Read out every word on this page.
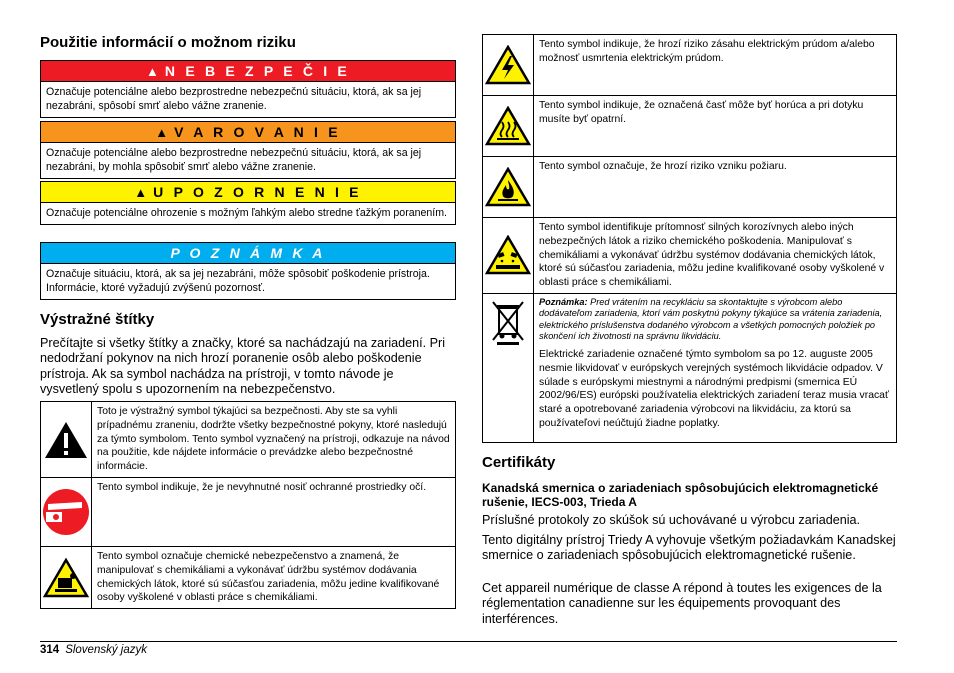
Použitie informácií o možnom riziku
▲ N E B E Z P E Č I E
Označuje potenciálne alebo bezprostredne nebezpečnú situáciu, ktorá, ak sa jej nezabráni, spôsobí smrť alebo vážne zranenie.
▲ V A R O V A N I E
Označuje potenciálne alebo bezprostredne nebezpečnú situáciu, ktorá, ak sa jej nezabráni, by mohla spôsobiť smrť alebo vážne zranenie.
▲ U P O Z O R N E N I E
Označuje potenciálne ohrozenie s možným ľahkým alebo stredne ťažkým poranením.
P O Z N Á M K A
Označuje situáciu, ktorá, ak sa jej nezabráni, môže spôsobiť poškodenie prístroja. Informácie, ktoré vyžadujú zvýšenú pozornosť.
Výstražné štítky

Prečítajte si všetky štítky a značky, ktoré sa nachádzajú na zariadení. Pri nedodržaní pokynov na nich hrozí poranenie osôb alebo poškodenie prístroja. Ak sa symbol nachádza na prístroji, v tomto návode je vysvetlený spolu s upozornením na nebezpečenstvo.

	Toto je výstražný symbol týkajúci sa bezpečnosti. Aby ste sa vyhli prípadnému zraneniu, dodržte všetky bezpečnostné pokyny, ktoré nasledujú za týmto symbolom. Tento symbol vyznačený na prístroji, odkazuje na návod na použitie, kde nájdete informácie o prevádzke alebo bezpečnostné informácie.

	Tento symbol indikuje, že je nevyhnutné nosiť ochranné prostriedky očí.

	Tento symbol označuje chemické nebezpečenstvo a znamená, že manipulovať s chemikáliami a vykonávať údržbu systémov dodávania chemických látok, ktoré sú súčasťou zariadenia, môžu jedine kvalifikované osoby vyškolené v oblasti práce s chemikáliami.
	Tento symbol indikuje, že hrozí riziko zásahu elektrickým prúdom a/alebo možnosť usmrtenia elektrickým prúdom.

	Tento symbol indikuje, že označená časť môže byť horúca a pri dotyku musíte byť opatrní.

	Tento symbol označuje, že hrozí riziko vzniku požiaru.

	Tento symbol identifikuje prítomnosť silných korozívnych alebo iných nebezpečných látok a riziko chemického poškodenia. Manipulovať s chemikáliami a vykonávať údržbu systémov dodávania chemických látok, ktoré sú súčasťou zariadenia, môžu jedine kvalifikované osoby vyškolené v oblasti práce s chemikáliami.

Poznámka: Pred vrátením na recykláciu sa skontaktujte s výrobcom alebo dodávateľom zariadenia, ktorí vám poskytnú pokyny týkajúce sa vrátenia zariadenia, elektrického príslušenstva dodaného výrobcom a všetkých pomocných položiek po skončení ich životnosti na správnu likvidáciu.
Elektrické zariadenie označené týmto symbolom sa po 12. auguste 2005 nesmie likvidovať v európskych verejných systémoch likvidácie odpadov. V súlade s európskymi miestnymi a národnými predpismi (smernica EÚ 2002/96/ES) európski používatelia elektrických zariadení teraz musia vracať staré a opotrebované zariadenia výrobcovi na likvidáciu, za ktorú sa používateľovi neúčtujú žiadne poplatky.
Certifikáty
Kanadská smernica o zariadeniach spôsobujúcich elektromagnetické rušenie, IECS-003, Trieda A

Príslušné protokoly zo skúšok sú uchovávané u výrobcu zariadenia.

Tento digitálny prístroj Triedy A vyhovuje všetkým požiadavkám Kanadskej smernice o zariadeniach spôsobujúcich elektromagnetické rušenie.

Cet appareil numérique de classe A répond à toutes les exigences de la réglementation canadienne sur les équipements provoquant des interférences.

314 Slovenský jazyk
